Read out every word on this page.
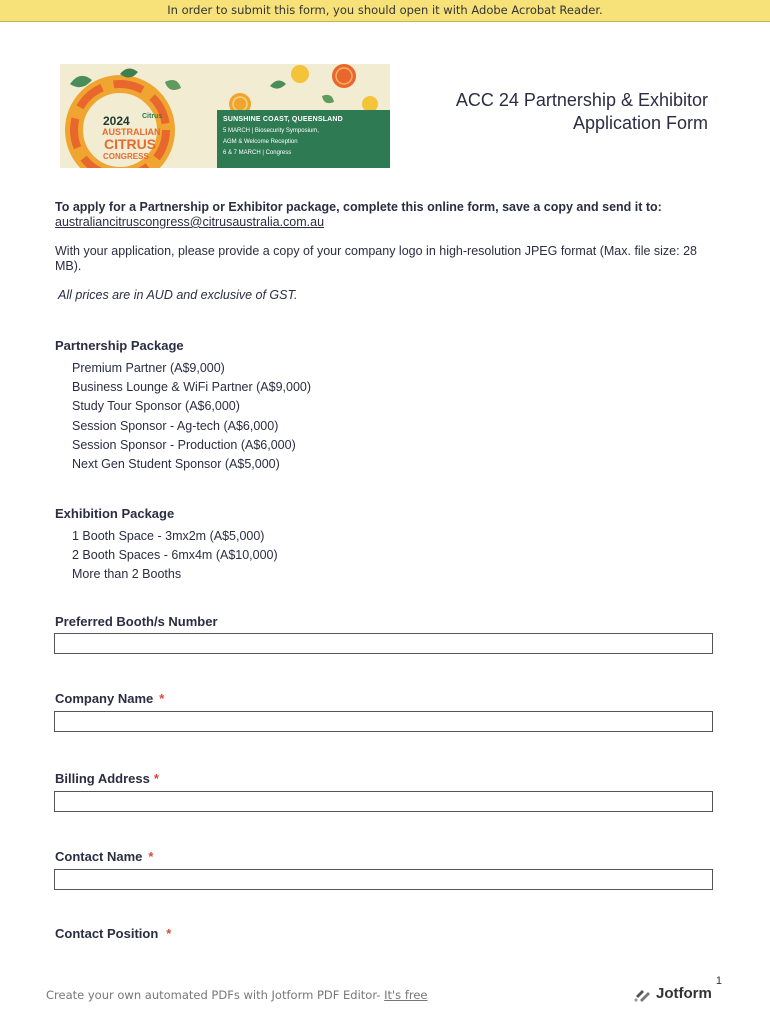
In order to submit this form, you should open it with Adobe Acrobat Reader.
2024 Citrus
AUSTRALIAN
CITRUS
CONGRESS
SUNSHINE COAST, QUEENSLAND
5 MARCH | Biosecurity Symposium,
AGM & Welcome Reception
6 & 7 MARCH | Congress
ACC 24 Partnership & Exhibitor
Application Form
To apply for a Partnership or Exhibitor package, complete this online form, save a copy and send it to:
australiancitruscongress@citrusaustralia.com.au
With your application, please provide a copy of your company logo in high-resolution JPEG format (Max. file size: 28 MB).
All prices are in AUD and exclusive of GST.
Partnership Package
Premium Partner (A$9,000)
Business Lounge & WiFi Partner (A$9,000)
Study Tour Sponsor (A$6,000)
Session Sponsor - Ag-tech (A$6,000)
Session Sponsor - Production (A$6,000)
Next Gen Student Sponsor (A$5,000)
Exhibition Package
1 Booth Space - 3mx2m (A$5,000)
2 Booth Spaces - 6mx4m (A$10,000)
More than 2 Booths
Preferred Booth/s Number
Company Name *
Billing Address *
Contact Name *
Contact Position *
Create your own automated PDFs with Jotform PDF Editor- It's free
1
Jotform
